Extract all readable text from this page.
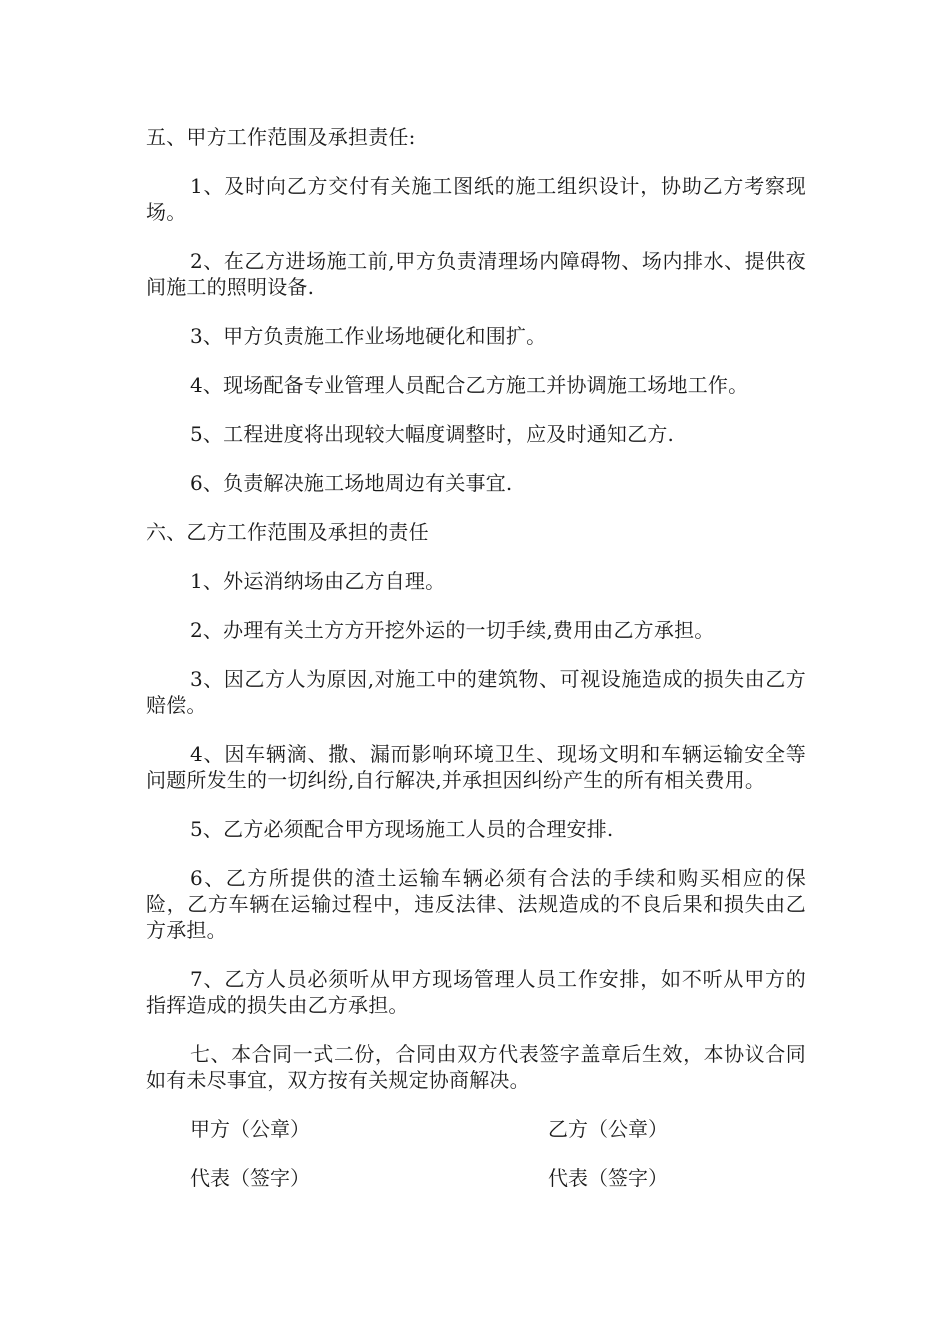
五、甲方工作范围及承担责任:

1、及时向乙方交付有关施工图纸的施工组织设计，协助乙方考察现场。

2、在乙方进场施工前,甲方负责清理场内障碍物、场内排水、提供夜间施工的照明设备.

3、甲方负责施工作业场地硬化和围扩。

4、现场配备专业管理人员配合乙方施工并协调施工场地工作。

5、工程进度将出现较大幅度调整时，应及时通知乙方.

6、负责解决施工场地周边有关事宜.

六、乙方工作范围及承担的责任

1、外运消纳场由乙方自理。

2、办理有关土方方开挖外运的一切手续,费用由乙方承担。

3、因乙方人为原因,对施工中的建筑物、可视设施造成的损失由乙方赔偿。

4、因车辆滴、撒、漏而影响环境卫生、现场文明和车辆运输安全等问题所发生的一切纠纷,自行解决,并承担因纠纷产生的所有相关费用。

5、乙方必须配合甲方现场施工人员的合理安排.

6、乙方所提供的渣土运输车辆必须有合法的手续和购买相应的保险，乙方车辆在运输过程中，违反法律、法规造成的不良后果和损失由乙方承担。

7、乙方人员必须听从甲方现场管理人员工作安排，如不听从甲方的指挥造成的损失由乙方承担。

七、本合同一式二份，合同由双方代表签字盖章后生效，本协议合同如有未尽事宜，双方按有关规定协商解决。

甲方（公章）	乙方（公章）
代表（签字）	代表（签字）
